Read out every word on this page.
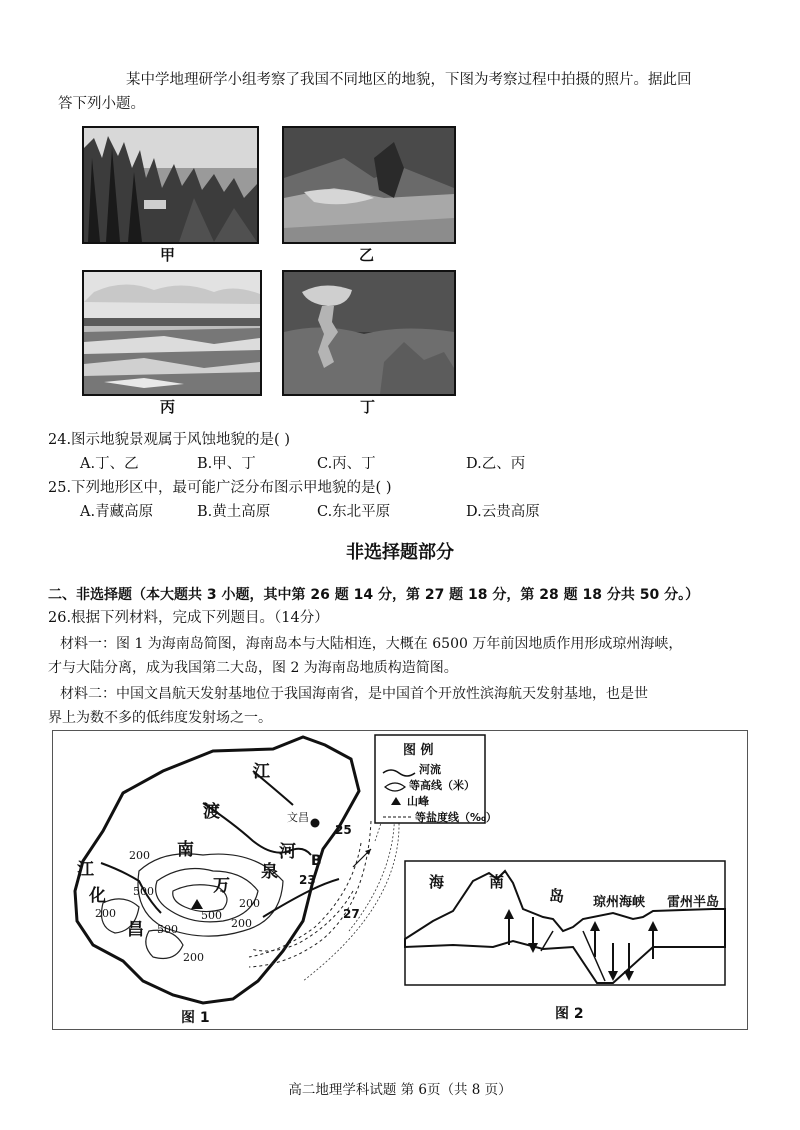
某中学地理研学小组考察了我国不同地区的地貌，下图为考察过程中拍摄的照片。据此回
答下列小题。
甲	乙
丙	丁
24.图示地貌景观属于风蚀地貌的是( )
A.丁、乙	B.甲、丁	C.丙、丁	D.乙、丙
25.下列地形区中，最可能广泛分布图示甲地貌的是( )
A.青藏高原	B.黄土高原	C.东北平原	D.云贵高原
非选择题部分
二、非选择题（本大题共 3 小题，其中第 26 题 14 分，第 27 题 18 分，第 28 题 18 分共 50 分。）
26.根据下列材料，完成下列题目。（14分）
材料一：图 1 为海南岛简图，海南岛本与大陆相连，大概在 6500 万年前因地质作用形成琼州海峡，
才与大陆分离，成为我国第二大岛，图 2 为海南岛地质构造简图。
材料二：中国文昌航天发射基地位于我国海南省，是中国首个开放性滨海航天发射基地，也是世
界上为数不多的低纬度发射场之一。
江
渡
南
万
泉
河
江
化
昌
200
500
200
500
200
500	200
200
25
23
27
文昌
B
图 1
图 例
河流
等高线（米）
山峰
等盐度线（‰）
海	南
岛 琼州海峡 雷州半岛
图 2
高二地理学科试题 第 6页（共 8 页）
